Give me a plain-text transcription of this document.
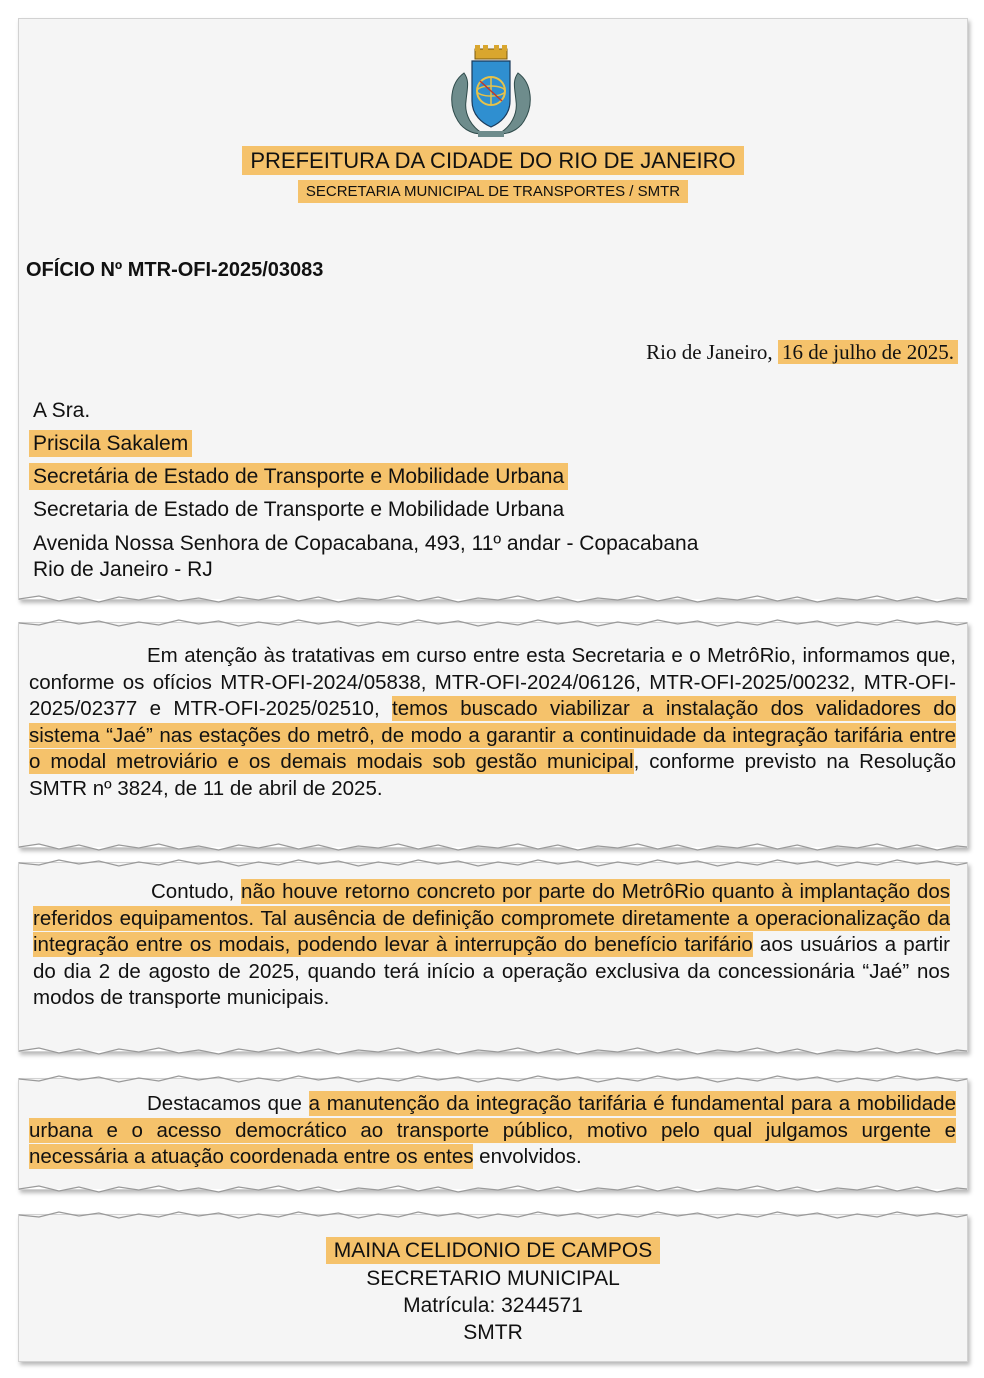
PREFEITURA DA CIDADE DO RIO DE JANEIRO
SECRETARIA MUNICIPAL DE TRANSPORTES / SMTR
OFÍCIO Nº MTR-OFI-2025/03083
Rio de Janeiro, 16 de julho de 2025.
A Sra.
Priscila Sakalem
Secretária de Estado de Transporte e Mobilidade Urbana
Secretaria de Estado de Transporte e Mobilidade Urbana
Avenida Nossa Senhora de Copacabana, 493, 11º andar - Copacabana
Rio de Janeiro - RJ

Em atenção às tratativas em curso entre esta Secretaria e o MetrôRio, informamos que, conforme os ofícios MTR-OFI-2024/05838, MTR-OFI-2024/06126, MTR-OFI-2025/00232, MTR-OFI-2025/02377 e MTR-OFI-2025/02510, temos buscado viabilizar a instalação dos validadores do sistema “Jaé” nas estações do metrô, de modo a garantir a continuidade da integração tarifária entre o modal metroviário e os demais modais sob gestão municipal, conforme previsto na Resolução SMTR nº 3824, de 11 de abril de 2025.

Contudo, não houve retorno concreto por parte do MetrôRio quanto à implantação dos referidos equipamentos. Tal ausência de definição compromete diretamente a operacionalização da integração entre os modais, podendo levar à interrupção do benefício tarifário aos usuários a partir do dia 2 de agosto de 2025, quando terá início a operação exclusiva da concessionária “Jaé” nos modos de transporte municipais.

Destacamos que a manutenção da integração tarifária é fundamental para a mobilidade urbana e o acesso democrático ao transporte público, motivo pelo qual julgamos urgente e necessária a atuação coordenada entre os entes envolvidos.

MAINA CELIDONIO DE CAMPOS
SECRETARIO MUNICIPAL
Matrícula: 3244571
SMTR
